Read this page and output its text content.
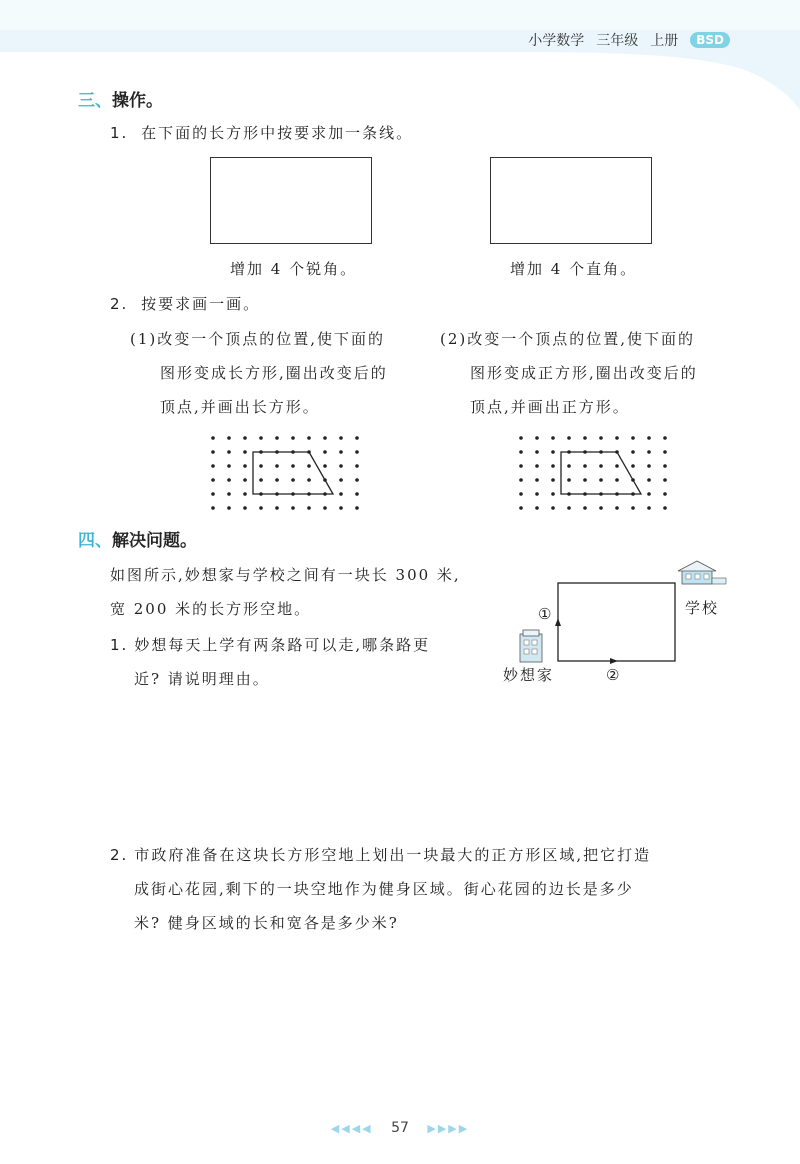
小学数学 三年级 上册	BSD
三、操作。
1. 在下面的长方形中按要求加一条线。
增加 4 个锐角。	增加 4 个直角。
2. 按要求画一画。
(1)改变一个顶点的位置,使下面的
图形变成长方形,圈出改变后的
顶点,并画出长方形。
(2)改变一个顶点的位置,使下面的
图形变成正方形,圈出改变后的
顶点,并画出正方形。
四、解决问题。
如图所示,妙想家与学校之间有一块长 300 米,
宽 200 米的长方形空地。
1. 妙想每天上学有两条路可以走,哪条路更
近? 请说明理由。
学校
妙想家
①
②
2. 市政府准备在这块长方形空地上划出一块最大的正方形区域,把它打造
成街心花园,剩下的一块空地作为健身区域。街心花园的边长是多少
米? 健身区域的长和宽各是多少米?
◀◀◀◀ 57 ▶▶▶▶
